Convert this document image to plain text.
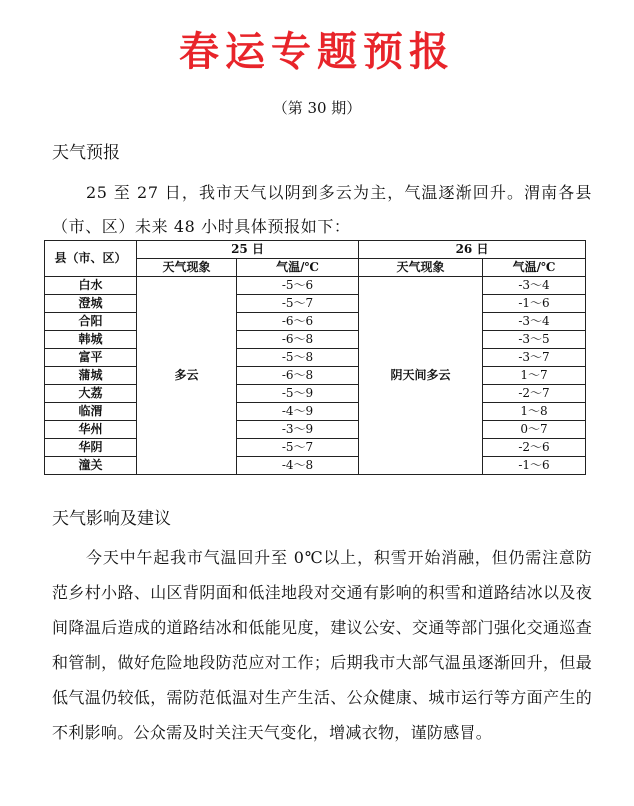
春运专题预报
（第 30 期）
天气预报
25 至 27 日，我市天气以阴到多云为主，气温逐渐回升。渭南各县（市、区）未来 48 小时具体预报如下：
县（市、区）	25 日		26 日	
	天气现象	气温/℃	天气现象	气温/℃
白水	多云	-5～6	阴天间多云	-3～4
澄城		-5～7		-1～6
合阳		-6～6		-3～4
韩城		-6～8		-3～5
富平		-5～8		-3～7
蒲城		-6～8		1～7
大荔		-5～9		-2～7
临渭		-4～9		1～8
华州		-3～9		0～7
华阴		-5～7		-2～6
潼关		-4～8		-1～6
天气影响及建议
今天中午起我市气温回升至 0℃以上，积雪开始消融，但仍需注意防范乡村小路、山区背阴面和低洼地段对交通有影响的积雪和道路结冰以及夜间降温后造成的道路结冰和低能见度，建议公安、交通等部门强化交通巡查和管制，做好危险地段防范应对工作；后期我市大部气温虽逐渐回升，但最低气温仍较低，需防范低温对生产生活、公众健康、城市运行等方面产生的不利影响。公众需及时关注天气变化，增减衣物，谨防感冒。
